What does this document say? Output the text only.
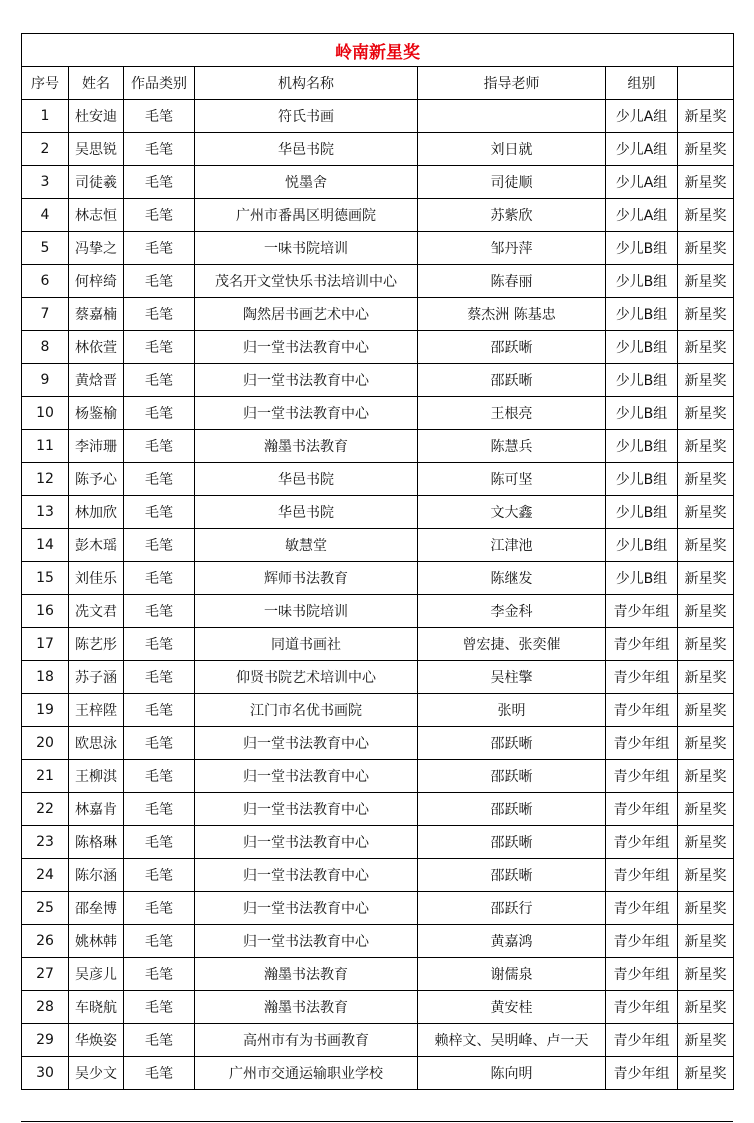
岭南新星奖						
序号	姓名	作品类别	机构名称	指导老师	组别	
1	杜安迪	毛笔	符氏书画		少儿A组	新星奖
2	吴思锐	毛笔	华邑书院	刘日就	少儿A组	新星奖
3	司徒羲	毛笔	悦墨舍	司徒顺	少儿A组	新星奖
4	林志恒	毛笔	广州市番禺区明德画院	苏紫欣	少儿A组	新星奖
5	冯挚之	毛笔	一味书院培训	邹丹萍	少儿B组	新星奖
6	何梓绮	毛笔	茂名开文堂快乐书法培训中心	陈春丽	少儿B组	新星奖
7	蔡嘉楠	毛笔	陶然居书画艺术中心	蔡杰洲 陈基忠	少儿B组	新星奖
8	林依萱	毛笔	归一堂书法教育中心	邵跃晰	少儿B组	新星奖
9	黄焓晋	毛笔	归一堂书法教育中心	邵跃晰	少儿B组	新星奖
10	杨鉴榆	毛笔	归一堂书法教育中心	王根亮	少儿B组	新星奖
11	李沛珊	毛笔	瀚墨书法教育	陈慧兵	少儿B组	新星奖
12	陈予心	毛笔	华邑书院	陈可坚	少儿B组	新星奖
13	林加欣	毛笔	华邑书院	文大鑫	少儿B组	新星奖
14	彭木瑶	毛笔	敏慧堂	江津池	少儿B组	新星奖
15	刘佳乐	毛笔	辉师书法教育	陈继发	少儿B组	新星奖
16	冼文君	毛笔	一味书院培训	李金科	青少年组	新星奖
17	陈艺彤	毛笔	同道书画社	曾宏捷、张奕催	青少年组	新星奖
18	苏子涵	毛笔	仰贤书院艺术培训中心	吴柱擎	青少年组	新星奖
19	王梓陞	毛笔	江门市名优书画院	张明	青少年组	新星奖
20	欧思泳	毛笔	归一堂书法教育中心	邵跃晰	青少年组	新星奖
21	王柳淇	毛笔	归一堂书法教育中心	邵跃晰	青少年组	新星奖
22	林嘉肯	毛笔	归一堂书法教育中心	邵跃晰	青少年组	新星奖
23	陈格琳	毛笔	归一堂书法教育中心	邵跃晰	青少年组	新星奖
24	陈尔涵	毛笔	归一堂书法教育中心	邵跃晰	青少年组	新星奖
25	邵垒博	毛笔	归一堂书法教育中心	邵跃行	青少年组	新星奖
26	姚林韩	毛笔	归一堂书法教育中心	黄嘉鸿	青少年组	新星奖
27	吴彦儿	毛笔	瀚墨书法教育	谢儒泉	青少年组	新星奖
28	车晓航	毛笔	瀚墨书法教育	黄安桂	青少年组	新星奖
29	华焕姿	毛笔	高州市有为书画教育	赖梓文、吴明峰、卢一天	青少年组	新星奖
30	吴少文	毛笔	广州市交通运输职业学校	陈向明	青少年组	新星奖
